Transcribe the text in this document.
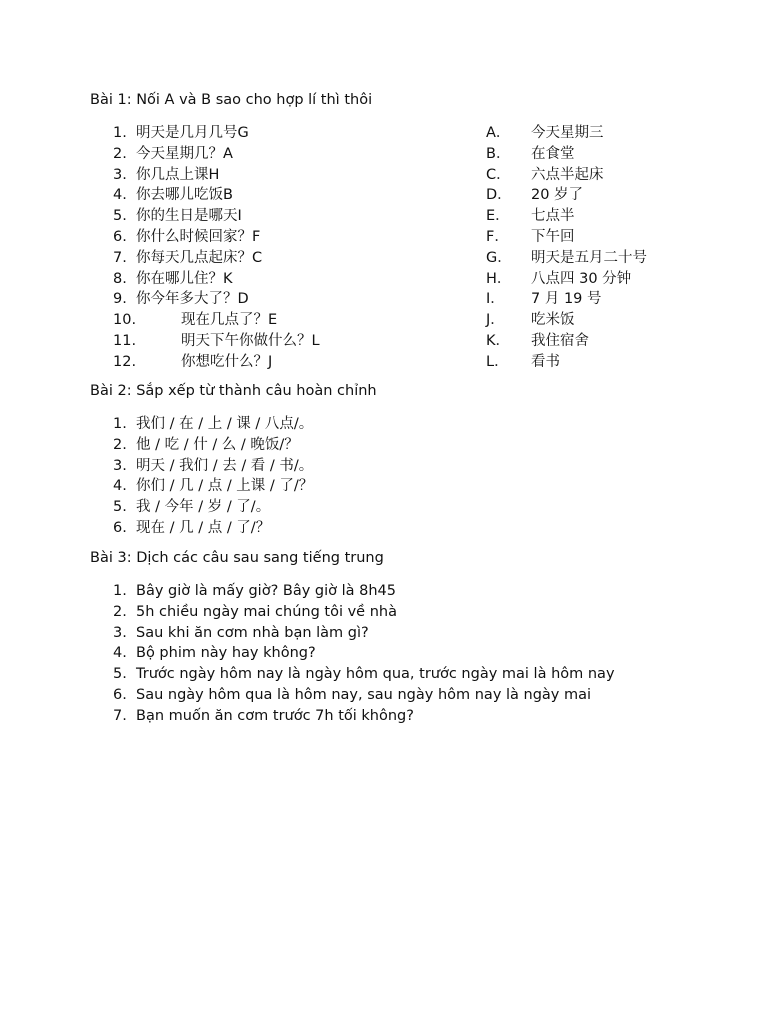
Bài 1: Nối A và B sao cho hợp lí thì thôi
1. 明天是几月几号G
2. 今天星期几？A
3. 你几点上课H
4. 你去哪儿吃饭B
5. 你的生日是哪天I
6. 你什么时候回家？F
7. 你每天几点起床？C
8. 你在哪儿住？K
9. 你今年多大了？D
10.	现在几点了？E
11.	明天下午你做什么？L
12.	你想吃什么？J
A． 今天星期三
B． 在食堂
C． 六点半起床
D． 20 岁了
E． 七点半
F． 下午回
G． 明天是五月二十号
H． 八点四 30 分钟
I． 7 月 19 号
J． 吃米饭
K． 我住宿舍
L． 看书
Bài 2: Sắp xếp từ thành câu hoàn chỉnh
1. 我们 / 在 / 上 / 课 / 八点/。
2. 他 / 吃 / 什 / 么 / 晚饭/？
3. 明天 / 我们 / 去 / 看 / 书/。
4. 你们 / 几 / 点 / 上课 / 了/？
5. 我 / 今年 / 岁 / 了/。
6. 现在 / 几 / 点 / 了/？
Bài 3: Dịch các câu sau sang tiếng trung
1. Bây giờ là mấy giờ? Bây giờ là 8h45
2. 5h chiều ngày mai chúng tôi về nhà
3. Sau khi ăn cơm nhà bạn làm gì?
4. Bộ phim này hay không?
5. Trước ngày hôm nay là ngày hôm qua, trước ngày mai là hôm nay
6. Sau ngày hôm qua là hôm nay, sau ngày hôm nay là ngày mai
7. Bạn muốn ăn cơm trước 7h tối không?
